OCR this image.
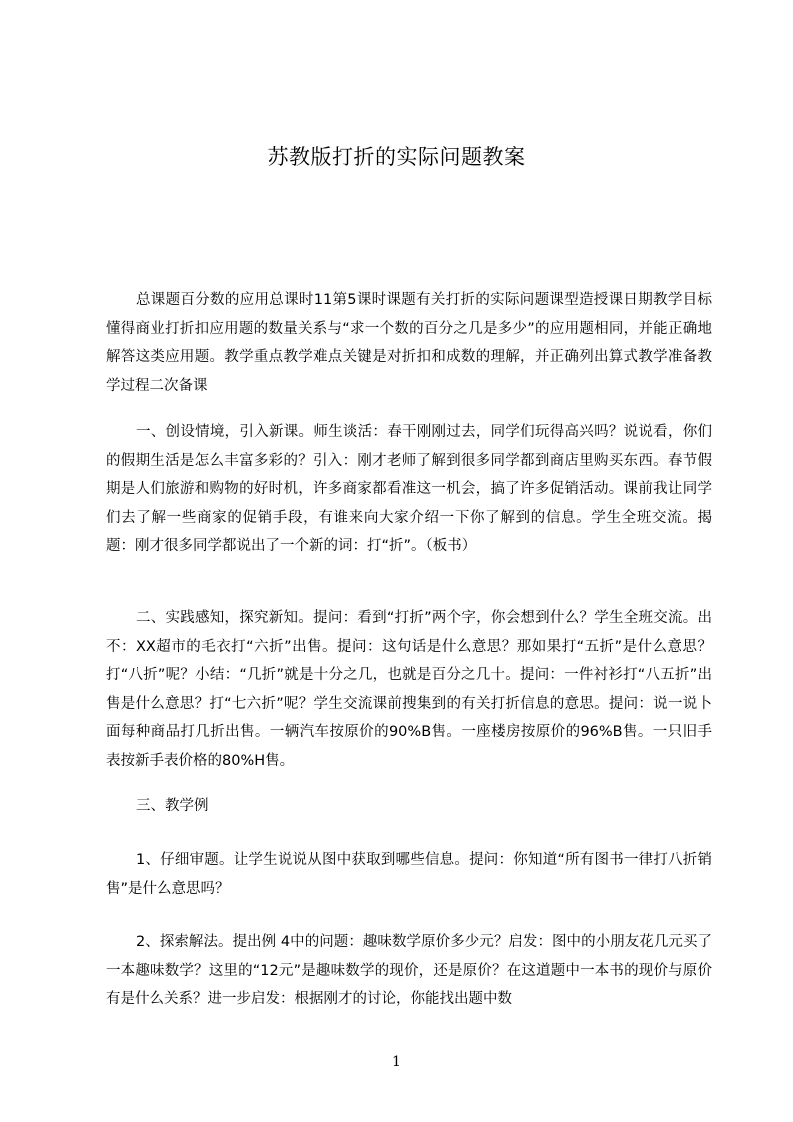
苏教版打折的实际问题教案

总课题百分数的应用总课时11第5课时课题有关打折的实际问题课型造授课日期教学目标懂得商业打折扣应用题的数量关系与“求一个数的百分之几是多少”的应用题相同，并能正确地解答这类应用题。教学重点教学难点关键是对折扣和成数的理解，并正确列出算式教学准备教学过程二次备课

一、创设情境，引入新课。师生谈活：春干刚刚过去，同学们玩得高兴吗？说说看，你们的假期生活是怎么丰富多彩的？引入：刚才老师了解到很多同学都到商店里购买东西。春节假期是人们旅游和购物的好时机，许多商家都看准这一机会，搞了许多促销活动。课前我让同学们去了解一些商家的促销手段，有谁来向大家介绍一下你了解到的信息。学生全班交流。揭题：刚才很多同学都说出了一个新的词：打“折”。（板书）

二、实践感知，探究新知。提问：看到“打折”两个字，你会想到什么？学生全班交流。出不：XX超市的毛衣打“六折”出售。提问：这句话是什么意思？那如果打“五折”是什么意思？打“八折”呢？小结：“几折”就是十分之几，也就是百分之几十。提问：一件衬衫打“八五折”出售是什么意思？打“七六折”呢？学生交流课前搜集到的有关打折信息的意思。提问：说一说卜面每种商品打几折出售。一辆汽车按原价的90%B售。一座楼房按原价的96%B售。一只旧手表按新手表价格的80%H售。

三、教学例

1、仔细审题。让学生说说从图中获取到哪些信息。提问：你知道“所有图书一律打八折销售”是什么意思吗？

2、探索解法。提出例 4中的问题：趣味数学原价多少元？启发：图中的小朋友花几元买了一本趣味数学？这里的“12元”是趣味数学的现价，还是原价？在这道题中一本书的现价与原价有是什么关系？进一步启发：根据刚才的讨论，你能找出题中数

1
